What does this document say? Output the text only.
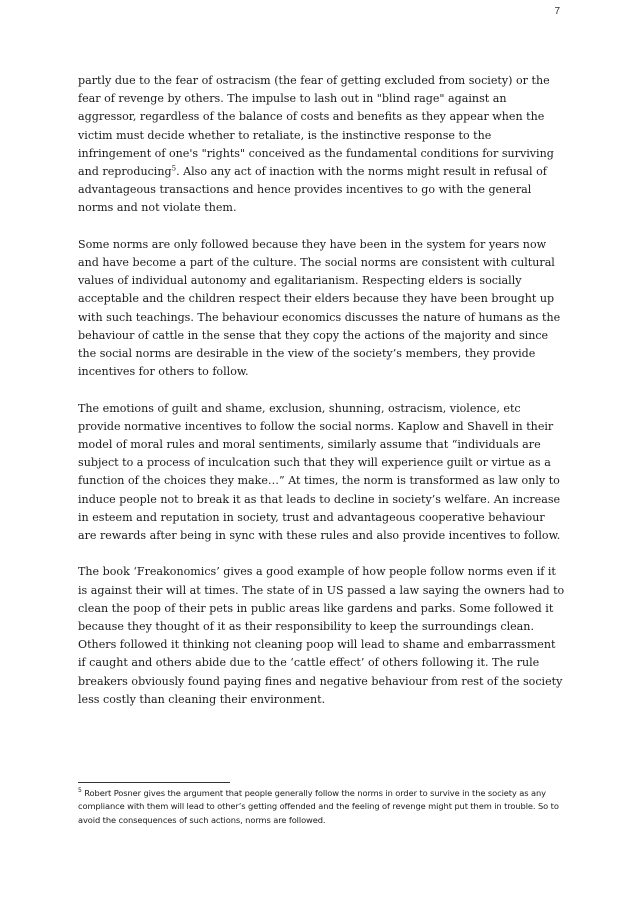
7

partly due to the fear of ostracism (the fear of getting excluded from society) or the fear of revenge by others. The impulse to lash out in "blind rage" against an aggressor, regardless of the balance of costs and benefits as they appear when the victim must decide whether to retaliate, is the instinctive response to the infringement of one's "rights" conceived as the fundamental conditions for surviving and reproducing$^5$. Also any act of inaction with the norms might result in refusal of advantageous transactions and hence provides incentives to go with the general norms and not violate them.

Some norms are only followed because they have been in the system for years now and have become a part of the culture. The social norms are consistent with cultural values of individual autonomy and egalitarianism. Respecting elders is socially acceptable and the children respect their elders because they have been brought up with such teachings. The behaviour economics discusses the nature of humans as the behaviour of cattle in the sense that they copy the actions of the majority and since the social norms are desirable in the view of the society’s members, they provide incentives for others to follow.

The emotions of guilt and shame, exclusion, shunning, ostracism, violence, etc provide normative incentives to follow the social norms. Kaplow and Shavell in their model of moral rules and moral sentiments, similarly assume that “individuals are subject to a process of inculcation such that they will experience guilt or virtue as a function of the choices they make…” At times, the norm is transformed as law only to induce people not to break it as that leads to decline in society’s welfare. An increase in esteem and reputation in society, trust and advantageous cooperative behaviour are rewards after being in sync with these rules and also provide incentives to follow.

The book ‘Freakonomics’ gives a good example of how people follow norms even if it is against their will at times. The state of in US passed a law saying the owners had to clean the poop of their pets in public areas like gardens and parks. Some followed it because they thought of it as their responsibility to keep the surroundings clean. Others followed it thinking not cleaning poop will lead to shame and embarrassment if caught and others abide due to the ‘cattle effect’ of others following it. The rule breakers obviously found paying fines and negative behaviour from rest of the society less costly than cleaning their environment.

$^5$ Robert Posner gives the argument that people generally follow the norms in order to survive in the society as any compliance with them will lead to other’s getting offended and the feeling of revenge might put them in trouble. So to avoid the consequences of such actions, norms are followed.
